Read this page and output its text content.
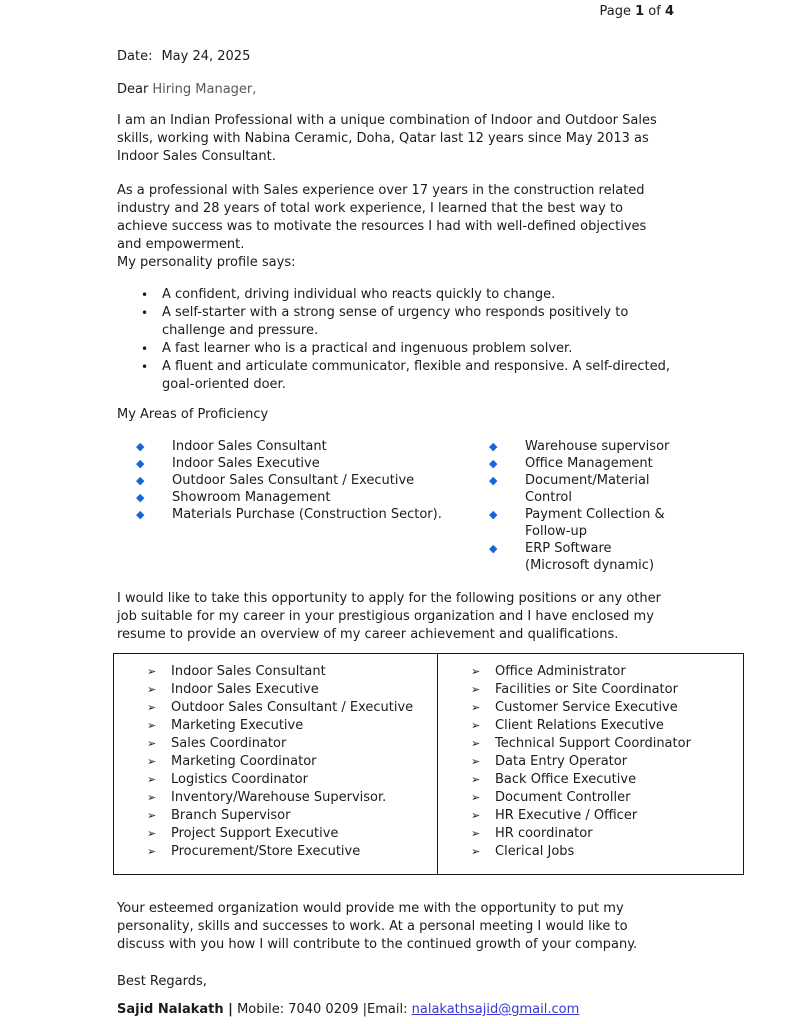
Page 1 of 4
Date: May 24, 2025
Dear Hiring Manager,
I am an Indian Professional with a unique combination of Indoor and Outdoor Sales skills, working with Nabina Ceramic, Doha, Qatar last 12 years since May 2013 as Indoor Sales Consultant.
As a professional with Sales experience over 17 years in the construction related industry and 28 years of total work experience, I learned that the best way to achieve success was to motivate the resources I had with well-defined objectives and empowerment.
My personality profile says:
•	A confident, driving individual who reacts quickly to change.
•	A self-starter with a strong sense of urgency who responds positively to challenge and pressure.
•	A fast learner who is a practical and ingenuous problem solver.
•	A fluent and articulate communicator, flexible and responsive. A self-directed, goal-oriented doer.
My Areas of Proficiency
◆	Indoor Sales Consultant
◆	Indoor Sales Executive
◆	Outdoor Sales Consultant / Executive
◆	Showroom Management
◆	Materials Purchase (Construction Sector).
◆	Warehouse supervisor
◆	Office Management
◆	Document/Material Control
◆	Payment Collection & Follow-up
◆	ERP Software (Microsoft dynamic)
I would like to take this opportunity to apply for the following positions or any other job suitable for my career in your prestigious organization and I have enclosed my resume to provide an overview of my career achievement and qualifications.
➢	Indoor Sales Consultant
➢	Indoor Sales Executive
➢	Outdoor Sales Consultant / Executive
➢	Marketing Executive
➢	Sales Coordinator
➢	Marketing Coordinator
➢	Logistics Coordinator
➢	Inventory/Warehouse Supervisor.
➢	Branch Supervisor
➢	Project Support Executive
➢	Procurement/Store Executive
➢	Office Administrator
➢	Facilities or Site Coordinator
➢	Customer Service Executive
➢	Client Relations Executive
➢	Technical Support Coordinator
➢	Data Entry Operator
➢	Back Office Executive
➢	Document Controller
➢	HR Executive / Officer
➢	HR coordinator
➢	Clerical Jobs
Your esteemed organization would provide me with the opportunity to put my personality, skills and successes to work. At a personal meeting I would like to discuss with you how I will contribute to the continued growth of your company.
Best Regards,
Sajid Nalakath | Mobile: 7040 0209 |Email: nalakathsajid@gmail.com
